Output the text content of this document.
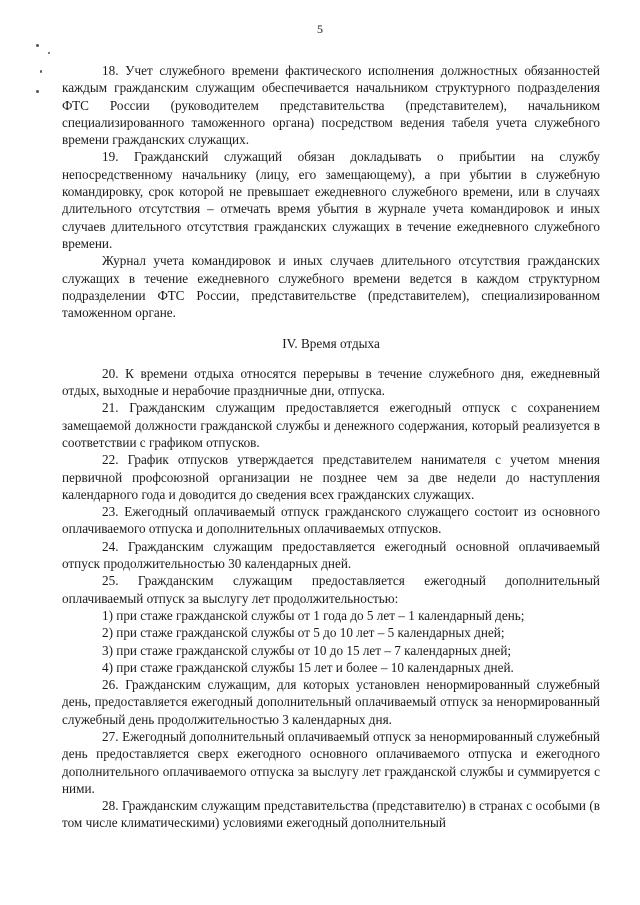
5

18. Учет служебного времени фактического исполнения должностных обязанностей каждым гражданским служащим обеспечивается начальником структурного подразделения ФТС России (руководителем представительства (представителем), начальником специализированного таможенного органа) посредством ведения табеля учета служебного времени гражданских служащих.

19. Гражданский служащий обязан докладывать о прибытии на службу непосредственному начальнику (лицу, его замещающему), а при убытии в служебную командировку, срок которой не превышает ежедневного служебного времени, или в случаях длительного отсутствия – отмечать время убытия в журнале учета командировок и иных случаев длительного отсутствия гражданских служащих в течение ежедневного служебного времени.

Журнал учета командировок и иных случаев длительного отсутствия гражданских служащих в течение ежедневного служебного времени ведется в каждом структурном подразделении ФТС России, представительстве (представителем), специализированном таможенном органе.

IV. Время отдыха

20. К времени отдыха относятся перерывы в течение служебного дня, ежедневный отдых, выходные и нерабочие праздничные дни, отпуска.

21. Гражданским служащим предоставляется ежегодный отпуск с сохранением замещаемой должности гражданской службы и денежного содержания, который реализуется в соответствии с графиком отпусков.

22. График отпусков утверждается представителем нанимателя с учетом мнения первичной профсоюзной организации не позднее чем за две недели до наступления календарного года и доводится до сведения всех гражданских служащих.

23. Ежегодный оплачиваемый отпуск гражданского служащего состоит из основного оплачиваемого отпуска и дополнительных оплачиваемых отпусков.

24. Гражданским служащим предоставляется ежегодный основной оплачиваемый отпуск продолжительностью 30 календарных дней.

25. Гражданским служащим предоставляется ежегодный дополнительный оплачиваемый отпуск за выслугу лет продолжительностью:

1) при стаже гражданской службы от 1 года до 5 лет – 1 календарный день;

2) при стаже гражданской службы от 5 до 10 лет – 5 календарных дней;

3) при стаже гражданской службы от 10 до 15 лет – 7 календарных дней;

4) при стаже гражданской службы 15 лет и более – 10 календарных дней.

26. Гражданским служащим, для которых установлен ненормированный служебный день, предоставляется ежегодный дополнительный оплачиваемый отпуск за ненормированный служебный день продолжительностью 3 календарных дня.

27. Ежегодный дополнительный оплачиваемый отпуск за ненормированный служебный день предоставляется сверх ежегодного основного оплачиваемого отпуска и ежегодного дополнительного оплачиваемого отпуска за выслугу лет гражданской службы и суммируется с ними.

28. Гражданским служащим представительства (представителю) в странах с особыми (в том числе климатическими) условиями ежегодный дополнительный
